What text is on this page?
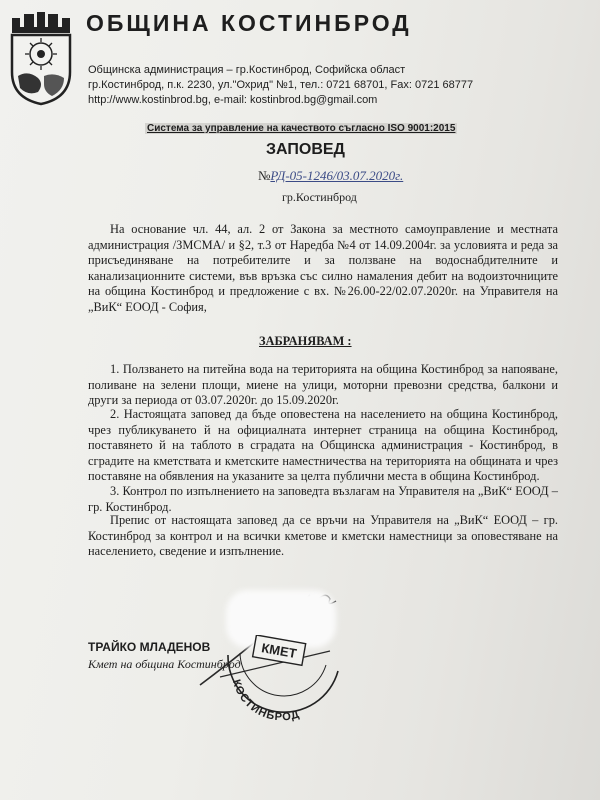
ОБЩИНА КОСТИНБРОД
Общинска администрация – гр.Костинброд, Софийска област
гр.Костинброд, п.к. 2230, ул."Охрид" №1, тел.: 0721 68701, Fax: 0721 68777
http://www.kostinbrod.bg, e-mail: kostinbrod.bg@gmail.com
Система за управление на качеството съгласно ISO 9001:2015
ЗАПОВЕД
№РД-05-1246/03.07.2020г.
гр.Костинброд
На основание чл. 44, ал. 2 от Закона за местното самоуправление и местната администрация /ЗМСМА/ и §2, т.3 от Наредба №4 от 14.09.2004г. за условията и реда за присъединяване на потребителите и за ползване на водоснабдителните и канализационните системи, във връзка със силно намаления дебит на водоизточниците на община Костинброд и предложение с вх. №26.00-22/02.07.2020г. на Управителя на „ВиК“ ЕООД - София,
ЗАБРАНЯВАМ :
1. Ползването на питейна вода на територията на община Костинброд за напояване, поливане на зелени площи, миене на улици, моторни превозни средства, балкони и други за периода от 03.07.2020г. до 15.09.2020г.
2. Настоящата заповед да бъде оповестена на населението на община Костинброд, чрез публикуването й на официалната интернет страница на община Костинброд, поставянето й на таблото в сградата на Общинска администрация - Костинброд, в сградите на кметствата и кметските наместничества на територията на общината и чрез поставяне на обявления на указаните за целта публични места в община Костинброд.
3. Контрол по изпълнението на заповедта възлагам на Управителя на „ВиК“ ЕООД – гр. Костинброд.
Препис от настоящата заповед да се връчи на Управителя на „ВиК“ ЕООД – гр. Костинброд за контрол и на всички кметове и кметски наместници за оповестяване на населението, сведение и изпълнение.
ТРАЙКО МЛАДЕНОВ
Кмет на община Костинброд
КМЕТ
КОСТИНБРОД
